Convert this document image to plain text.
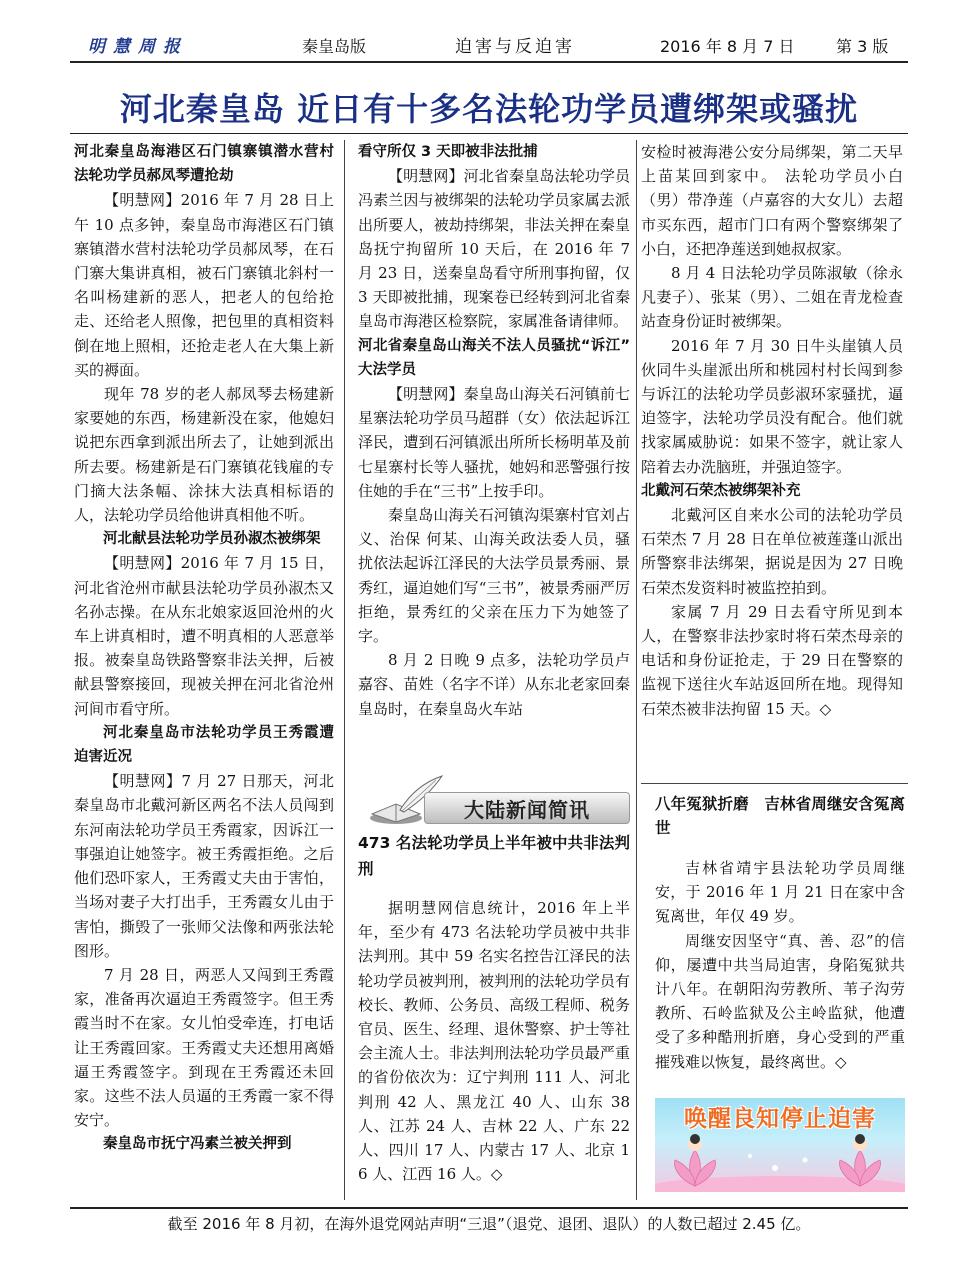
明慧周报	秦皇岛版	迫害与反迫害	2016 年 8 月 7 日	第 3 版
河北秦皇岛 近日有十多名法轮功学员遭绑架或骚扰
河北秦皇岛海港区石门镇寨镇潜水营村法轮功学员郝凤琴遭抢劫

【明慧网】2016 年 7 月 28 日上午 10 点多钟，秦皇岛市海港区石门镇寨镇潜水营村法轮功学员郝凤琴，在石门寨大集讲真相，被石门寨镇北斜村一名叫杨建新的恶人，把老人的包给抢走、还给老人照像，把包里的真相资料倒在地上照相，还抢走老人在大集上新买的褥面。

现年 78 岁的老人郝凤琴去杨建新家要她的东西，杨建新没在家，他媳妇说把东西拿到派出所去了，让她到派出所去要。杨建新是石门寨镇花钱雇的专门摘大法条幅、涂抹大法真相标语的人，法轮功学员给他讲真相他不听。

河北献县法轮功学员孙淑杰被绑架

【明慧网】2016 年 7 月 15 日，河北省沧州市献县法轮功学员孙淑杰又名孙志操。在从东北娘家返回沧州的火车上讲真相时，遭不明真相的人恶意举报。被秦皇岛铁路警察非法关押，后被献县警察接回，现被关押在河北省沧州河间市看守所。

河北秦皇岛市法轮功学员王秀霞遭迫害近况

【明慧网】7 月 27 日那天，河北秦皇岛市北戴河新区两名不法人员闯到东河南法轮功学员王秀霞家，因诉江一事强迫让她签字。被王秀霞拒绝。之后他们恐吓家人，王秀霞丈夫由于害怕，当场对妻子大打出手，王秀霞女儿由于害怕，撕毁了一张师父法像和两张法轮图形。

7 月 28 日，两恶人又闯到王秀霞家，准备再次逼迫王秀霞签字。但王秀霞当时不在家。女儿怕受牵连，打电话让王秀霞回家。王秀霞丈夫还想用离婚逼王秀霞签字。到现在王秀霞还未回家。这些不法人员逼的王秀霞一家不得安宁。

秦皇岛市抚宁冯素兰被关押到
看守所仅 3 天即被非法批捕

【明慧网】河北省秦皇岛法轮功学员冯素兰因与被绑架的法轮功学员家属去派出所要人，被劫持绑架，非法关押在秦皇岛抚宁拘留所 10 天后，在 2016 年 7 月 23 日，送秦皇岛看守所刑事拘留，仅 3 天即被批捕，现案卷已经转到河北省秦皇岛市海港区检察院，家属准备请律师。

河北省秦皇岛山海关不法人员骚扰“诉江” 大法学员

【明慧网】秦皇岛山海关石河镇前七星寨法轮功学员马超群（女）依法起诉江泽民，遭到石河镇派出所所长杨明革及前七星寨村长等人骚扰，她妈和恶警强行按住她的手在“三书”上按手印。

秦皇岛山海关石河镇沟渠寨村官刘占义、治保 何某、山海关政法委人员，骚扰依法起诉江泽民的大法学员景秀丽、景秀红，逼迫她们写“三书”，被景秀丽严厉拒绝，景秀红的父亲在压力下为她签了字。

8 月 2 日晚 9 点多，法轮功学员卢嘉容、苗姓（名字不详）从东北老家回秦皇岛时，在秦皇岛火车站

大陆新闻简讯
473 名法轮功学员上半年被中共非法判刑

据明慧网信息统计，2016 年上半年，至少有 473 名法轮功学员被中共非法判刑。其中 59 名实名控告江泽民的法轮功学员被判刑，被判刑的法轮功学员有校长、教师、公务员、高级工程师、税务官员、医生、经理、退休警察、护士等社会主流人士。非法判刑法轮功学员最严重的省份依次为：辽宁判刑 111 人、河北判刑 42 人、黑龙江 40 人、山东 38 人、江苏 24 人、吉林 22 人、广东 22 人、四川 17 人、内蒙古 17 人、北京 16 人、江西 16 人。◇

安检时被海港公安分局绑架，第二天早上苗某回到家中。 法轮功学员小白（男）带净莲（卢嘉容的大女儿）去超市买东西，超市门口有两个警察绑架了小白，还把净莲送到她叔叔家。

8 月 4 日法轮功学员陈淑敏（徐永凡妻子）、张某（男）、二姐在青龙检查站查身份证时被绑架。

2016 年 7 月 30 日牛头崖镇人员伙同牛头崖派出所和桃园村村长闯到参与诉江的法轮功学员彭淑环家骚扰，逼迫签字，法轮功学员没有配合。他们就找家属威胁说：如果不签字，就让家人陪着去办洗脑班，并强迫签字。

北戴河石荣杰被绑架补充

北戴河区自来水公司的法轮功学员石荣杰 7 月 28 日在单位被莲蓬山派出所警察非法绑架，据说是因为 27 日晚石荣杰发资料时被监控拍到。

家属 7 月 29 日去看守所见到本人，在警察非法抄家时将石荣杰母亲的电话和身份证抢走，于 29 日在警察的监视下送往火车站返回所在地。现得知石荣杰被非法拘留 15 天。◇

八年冤狱折磨　吉林省周继安含冤离世

吉林省靖宇县法轮功学员周继安，于 2016 年 1 月 21 日在家中含冤离世，年仅 49 岁。

周继安因坚守“真、善、忍”的信仰，屡遭中共当局迫害，身陷冤狱共计八年。在朝阳沟劳教所、苇子沟劳教所、石岭监狱及公主岭监狱，他遭受了多种酷刑折磨，身心受到的严重摧残难以恢复，最终离世。◇

唤醒良知停止迫害
截至 2016 年 8 月初，在海外退党网站声明“三退”（退党、退团、退队）的人数已超过 2.45 亿。
